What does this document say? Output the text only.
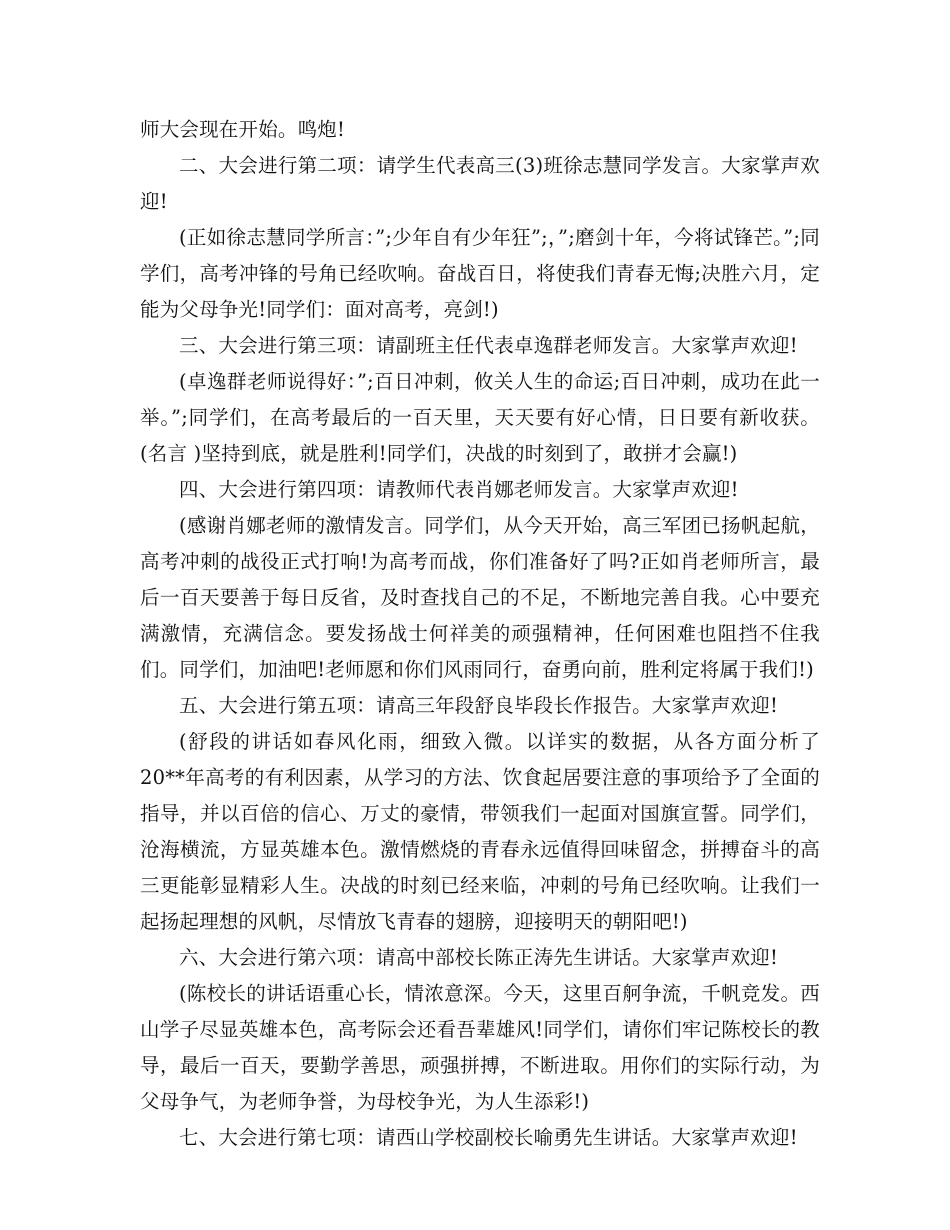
师大会现在开始。鸣炮!

二、大会进行第二项：请学生代表高三(3)班徐志慧同学发言。大家掌声欢迎!

(正如徐志慧同学所言：”;少年自有少年狂”;，”;磨剑十年，今将试锋芒。”;同学们，高考冲锋的号角已经吹响。奋战百日，将使我们青春无悔;决胜六月，定能为父母争光!同学们：面对高考，亮剑!)

三、大会进行第三项：请副班主任代表卓逸群老师发言。大家掌声欢迎!

(卓逸群老师说得好：”;百日冲刺，攸关人生的命运;百日冲刺，成功在此一举。”;同学们，在高考最后的一百天里，天天要有好心情，日日要有新收获。(名言 )坚持到底，就是胜利!同学们，决战的时刻到了，敢拼才会赢!)

四、大会进行第四项：请教师代表肖娜老师发言。大家掌声欢迎!

(感谢肖娜老师的激情发言。同学们，从今天开始，高三军团已扬帆起航，高考冲刺的战役正式打响!为高考而战，你们准备好了吗?正如肖老师所言，最后一百天要善于每日反省，及时查找自己的不足，不断地完善自我。心中要充满激情，充满信念。要发扬战士何祥美的顽强精神，任何困难也阻挡不住我们。同学们，加油吧!老师愿和你们风雨同行，奋勇向前，胜利定将属于我们!)

五、大会进行第五项：请高三年段舒良毕段长作报告。大家掌声欢迎!

(舒段的讲话如春风化雨，细致入微。以详实的数据，从各方面分析了 20**年高考的有利因素，从学习的方法、饮食起居要注意的事项给予了全面的指导，并以百倍的信心、万丈的豪情，带领我们一起面对国旗宣誓。同学们，沧海横流，方显英雄本色。激情燃烧的青春永远值得回味留念，拼搏奋斗的高三更能彰显精彩人生。决战的时刻已经来临，冲刺的号角已经吹响。让我们一起扬起理想的风帆，尽情放飞青春的翅膀，迎接明天的朝阳吧!)

六、大会进行第六项：请高中部校长陈正涛先生讲话。大家掌声欢迎!

(陈校长的讲话语重心长，情浓意深。今天，这里百舸争流，千帆竞发。西山学子尽显英雄本色，高考际会还看吾辈雄风!同学们，请你们牢记陈校长的教导，最后一百天，要勤学善思，顽强拼搏，不断进取。用你们的实际行动，为父母争气，为老师争誉，为母校争光，为人生添彩!)

七、大会进行第七项：请西山学校副校长喻勇先生讲话。大家掌声欢迎!
